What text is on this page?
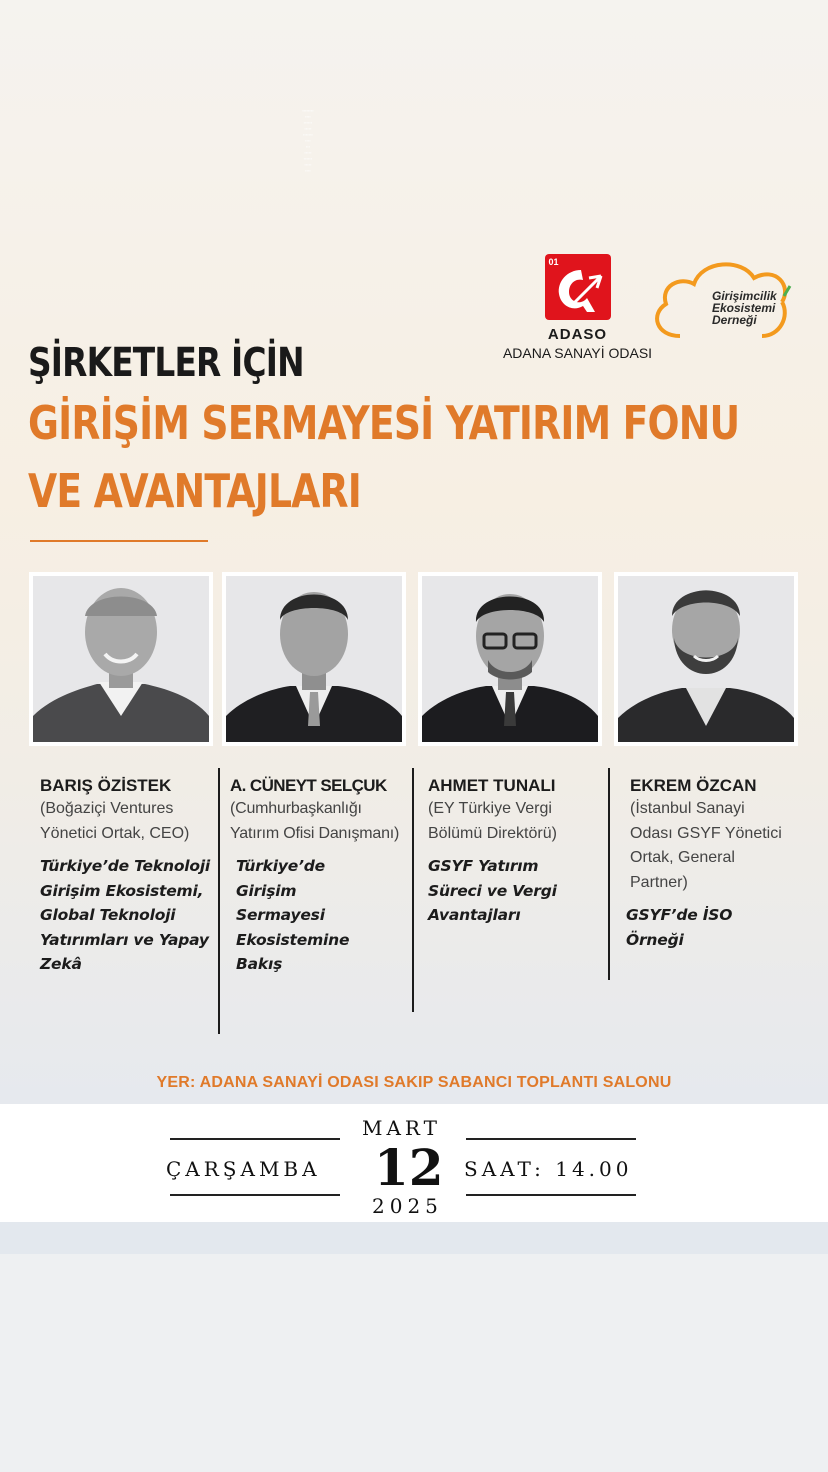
▪▪▪▪▪▪▪▪
▪▪▪▪
▪▪▪▪▪▪
▪▪▪▪▪
▪▪▪▪▪▪▪
▪▪▪▪
▪▪▪
▪▪▪▪▪
▪▪▪▪▪▪
▪▪▪▪▪
▪▪▪▪
01
ADASO
ADANA SANAYİ ODASI
Girişimcilik
Ekosistemi
Derneği
ŞİRKETLER İÇİN
GİRİŞİM SERMAYESİ YATIRIM FONU
VE AVANTAJLARI
BARIŞ ÖZİSTEK
(Boğaziçi Ventures Yönetici Ortak, CEO)
Türkiye’de Teknoloji Girişim Ekosistemi, Global Teknoloji Yatırımları ve Yapay Zekâ
A. CÜNEYT SELÇUK
(Cumhurbaşkanlığı Yatırım Ofisi Danışmanı)
Türkiye’de Girişim Sermayesi Ekosistemine Bakış
AHMET TUNALI
(EY Türkiye Vergi Bölümü Direktörü)
GSYF Yatırım Süreci ve Vergi Avantajları
EKREM ÖZCAN
(İstanbul Sanayi Odası GSYF Yönetici Ortak, General Partner)
GSYF’de İSO Örneği
YER: ADANA SANAYİ ODASI SAKIP SABANCI TOPLANTI SALONU
MART
12
2025
ÇARŞAMBA	SAAT: 14.00
